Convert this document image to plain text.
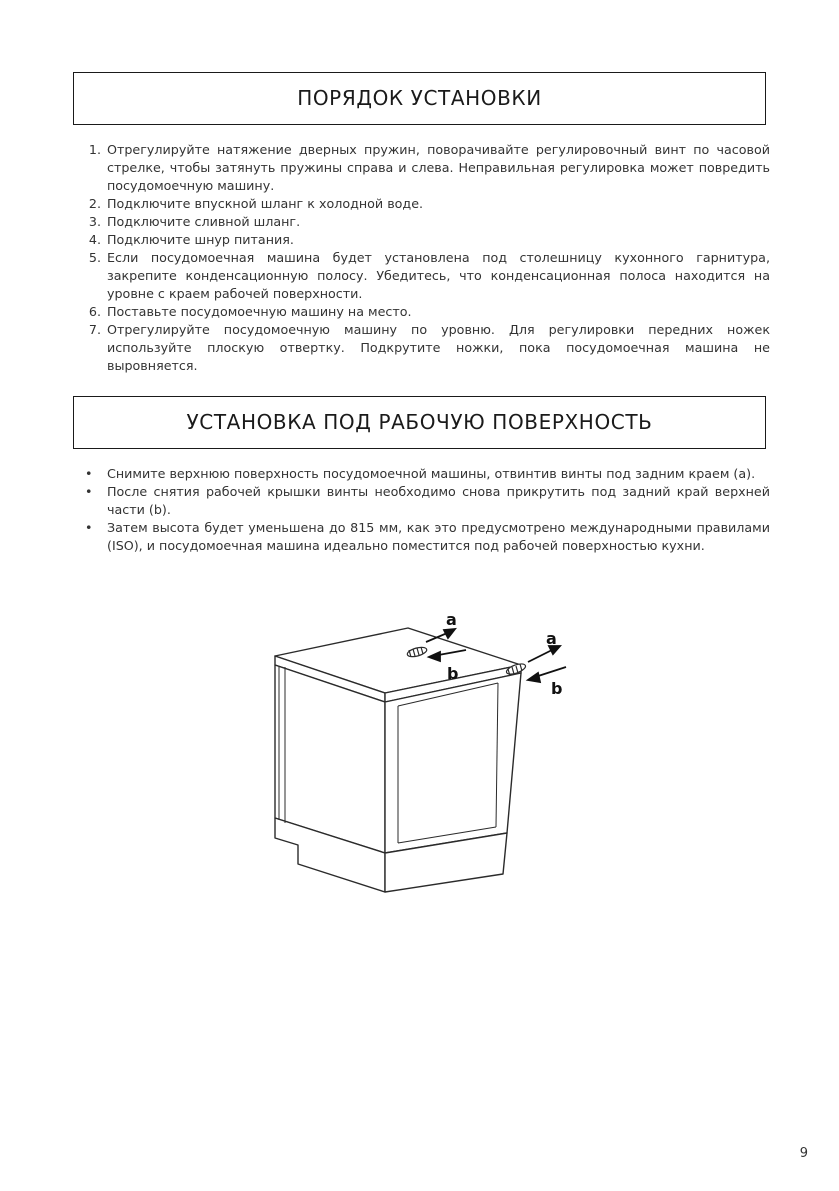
ПОРЯДОК УСТАНОВКИ
1. Отрегулируйте натяжение дверных пружин, поворачивайте регулировочный винт по часовой стрелке, чтобы затянуть пружины справа и слева. Неправильная регулировка может повредить посудомоечную машину.
2. Подключите впускной шланг к холодной воде.
3. Подключите сливной шланг.
4. Подключите шнур питания.
5. Если посудомоечная машина будет установлена под столешницу кухонного гарнитура, закрепите конденсационную полосу. Убедитесь, что конденсационная полоса находится на уровне с краем рабочей поверхности.
6. Поставьте посудомоечную машину на место.
7. Отрегулируйте посудомоечную машину по уровню. Для регулировки передних ножек используйте плоскую отвертку. Подкрутите ножки, пока посудомоечная машина не выровняется.
УСТАНОВКА ПОД РАБОЧУЮ ПОВЕРХНОСТЬ
• Снимите верхнюю поверхность посудомоечной машины, отвинтив винты под задним краем (а).
• После снятия рабочей крышки винты необходимо снова прикрутить под задний край верхней части (b).
• Затем высота будет уменьшена до 815 мм, как это предусмотрено международными правилами (ISO), и посудомоечная машина идеально поместится под рабочей поверхностью кухни.
a
b
a
b
9
